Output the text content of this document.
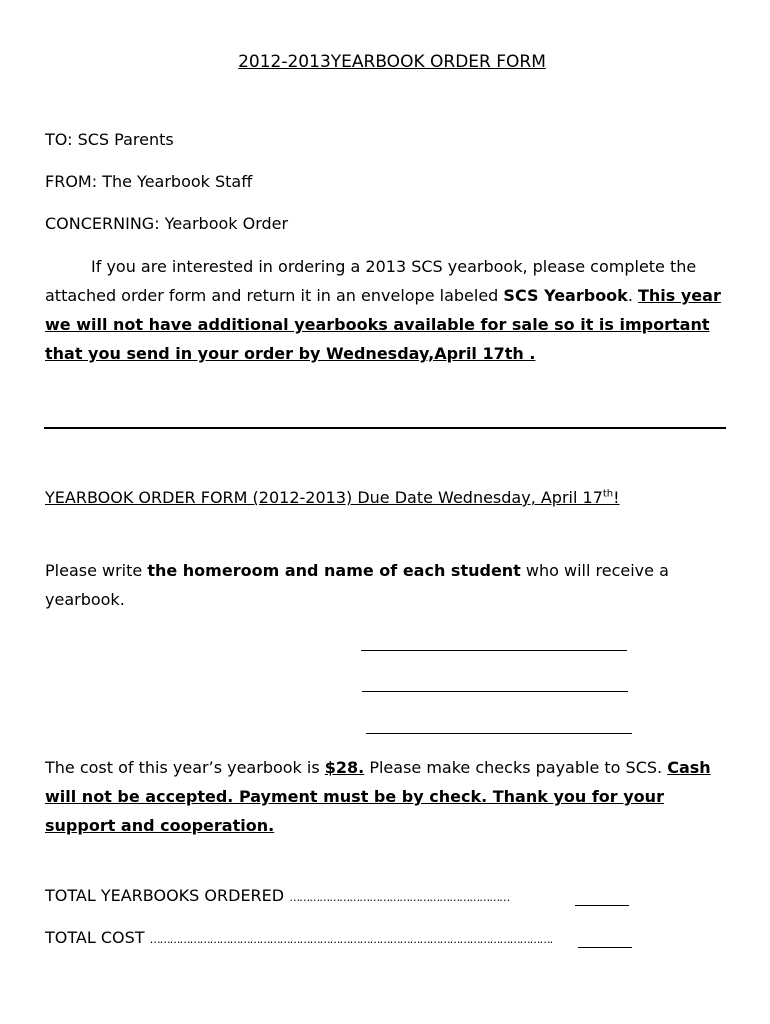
2012-2013YEARBOOK ORDER FORM
TO: SCS Parents
FROM: The Yearbook Staff
CONCERNING: Yearbook Order
If you are interested in ordering a 2013 SCS yearbook, please complete the attached order form and return it in an envelope labeled SCS Yearbook. This year we will not have additional yearbooks available for sale so it is important that you send in your order by Wednesday,April 17th .
YEARBOOK ORDER FORM (2012-2013) Due Date Wednesday, April 17th!
Please write the homeroom and name of each student who will receive a yearbook.
The cost of this year’s yearbook is $28. Please make checks payable to SCS. Cash will not be accepted. Payment must be by check. Thank you for your support and cooperation.
TOTAL YEARBOOKS ORDERED …………………………………………………………
TOTAL COST ………………………………………………………………………………………………………….
